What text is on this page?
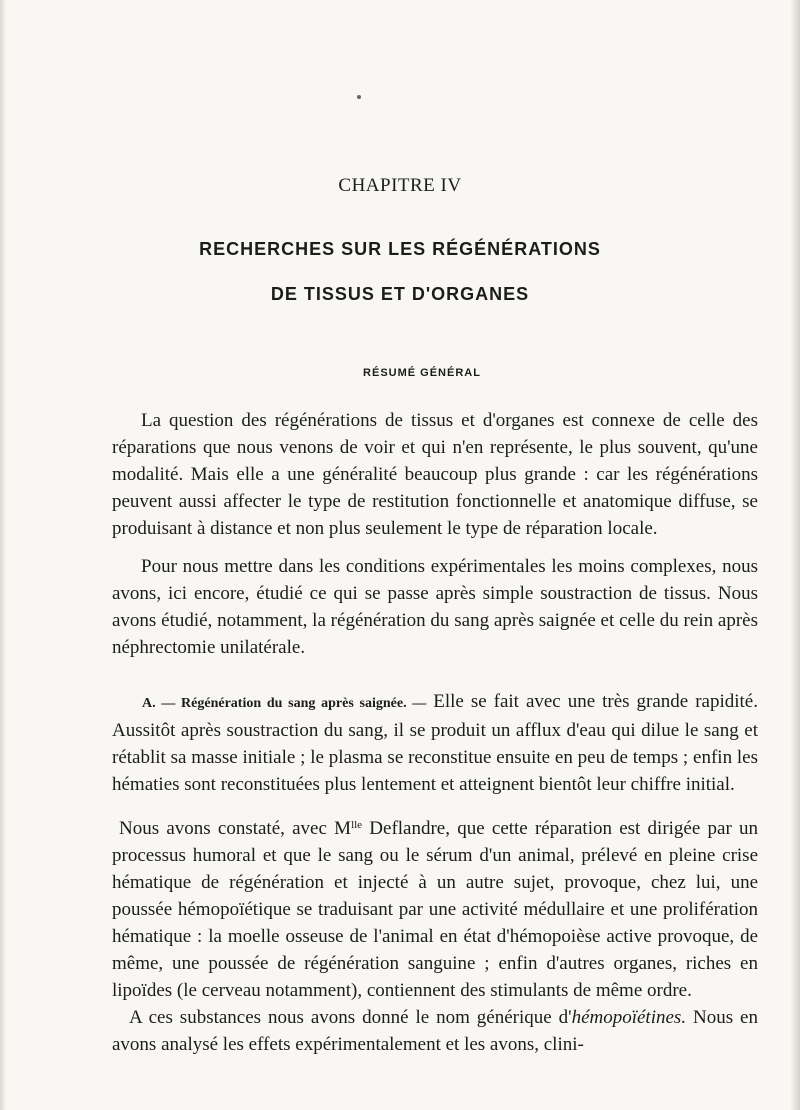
CHAPITRE IV
RECHERCHES SUR LES RÉGÉNÉRATIONS
DE TISSUS ET D'ORGANES
RÉSUMÉ GÉNÉRAL

La question des régénérations de tissus et d'organes est connexe de celle des réparations que nous venons de voir et qui n'en représente, le plus souvent, qu'une modalité. Mais elle a une généralité beaucoup plus grande : car les régénérations peuvent aussi affecter le type de restitution fonctionnelle et anatomique diffuse, se produisant à distance et non plus seulement le type de réparation locale.

Pour nous mettre dans les conditions expérimentales les moins complexes, nous avons, ici encore, étudié ce qui se passe après simple soustraction de tissus. Nous avons étudié, notamment, la régénération du sang après saignée et celle du rein après néphrectomie unilatérale.

A. — Régénération du sang après saignée. — Elle se fait avec une très grande rapidité. Aussitôt après soustraction du sang, il se produit un afflux d'eau qui dilue le sang et rétablit sa masse initiale ; le plasma se reconstitue ensuite en peu de temps ; enfin les hématies sont reconstituées plus lentement et atteignent bientôt leur chiffre initial.

Nous avons constaté, avec $M^{lle}$ Deflandre, que cette réparation est dirigée par un processus humoral et que le sang ou le sérum d'un animal, prélevé en pleine crise hématique de régénération et injecté à un autre sujet, provoque, chez lui, une poussée hémopoïétique se traduisant par une activité médullaire et une prolifération hématique : la moelle osseuse de l'animal en état d'hémopoièse active provoque, de même, une poussée de régénération sanguine ; enfin d'autres organes, riches en lipoïdes (le cerveau notamment), contiennent des stimulants de même ordre.

A ces substances nous avons donné le nom générique d'hémopoïétines. Nous en avons analysé les effets expérimentalement et les avons, clini-
